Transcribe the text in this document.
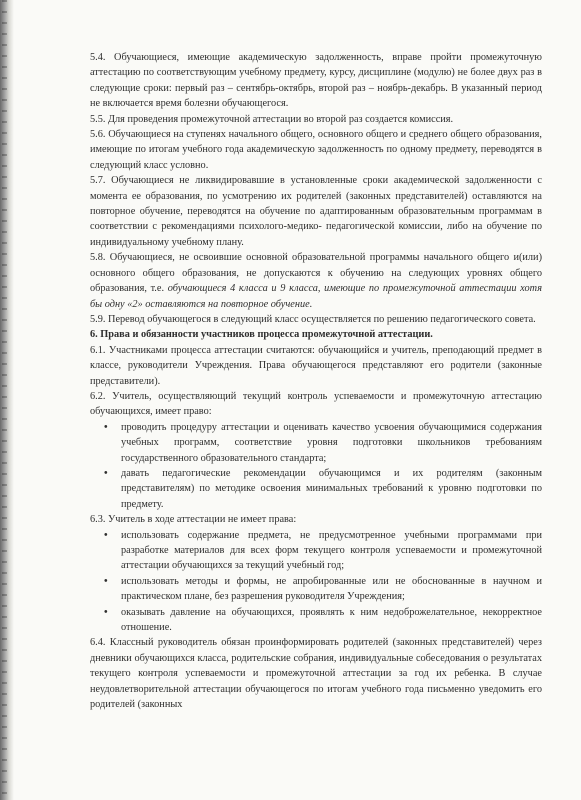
5.4. Обучающиеся, имеющие академическую задолженность, вправе пройти промежуточную аттестацию по соответствующим учебному предмету, курсу, дисциплине (модулю) не более двух раз в следующие сроки: первый раз – сентябрь-октябрь, второй раз – ноябрь-декабрь. В указанный период не включается время болезни обучающегося.

5.5. Для проведения промежуточной аттестации во второй раз создается комиссия.

5.6. Обучающиеся на ступенях начального общего, основного общего и среднего общего образования, имеющие по итогам учебного года академическую задолженность по одному предмету, переводятся в следующий класс условно.

5.7. Обучающиеся не ликвидировавшие в установленные сроки академической задолженности с момента ее образования, по усмотрению их родителей (законных представителей) оставляются на повторное обучение, переводятся на обучение по адаптированным образовательным программам в соответствии с рекомендациями психолого-медико- педагогической комиссии, либо на обучение по индивидуальному учебному плану.

5.8. Обучающиеся, не освоившие основной образовательной программы начального общего и(или) основного общего образования, не допускаются к обучению на следующих уровнях общего образования, т.е. обучающиеся 4 класса и 9 класса, имеющие по промежуточной аттестации хотя бы одну «2» оставляются на повторное обучение.

5.9. Перевод обучающегося в следующий класс осуществляется по решению педагогического совета.

6. Права и обязанности участников процесса промежуточной аттестации.

6.1. Участниками процесса аттестации считаются: обучающийся и учитель, преподающий предмет в классе, руководители Учреждения. Права обучающегося представляют его родители (законные представители).

6.2. Учитель, осуществляющий текущий контроль успеваемости и промежуточную аттестацию обучающихся, имеет право:

• проводить процедуру аттестации и оценивать качество усвоения обучающимися содержания учебных программ, соответствие уровня подготовки школьников требованиям государственного образовательного стандарта;
• давать педагогические рекомендации обучающимся и их родителям (законным представителям) по методике освоения минимальных требований к уровню подготовки по предмету.

6.3. Учитель в ходе аттестации не имеет права:

• использовать содержание предмета, не предусмотренное учебными программами при разработке материалов для всех форм текущего контроля успеваемости и промежуточной аттестации обучающихся за текущий учебный год;
• использовать методы и формы, не апробированные или не обоснованные в научном и практическом плане, без разрешения руководителя Учреждения;
• оказывать давление на обучающихся, проявлять к ним недоброжелательное, некорректное отношение.

6.4. Классный руководитель обязан проинформировать родителей (законных представителей) через дневники обучающихся класса, родительские собрания, индивидуальные собеседования о результатах текущего контроля успеваемости и промежуточной аттестации за год их ребенка. В случае неудовлетворительной аттестации обучающегося по итогам учебного года письменно уведомить его родителей (законных
